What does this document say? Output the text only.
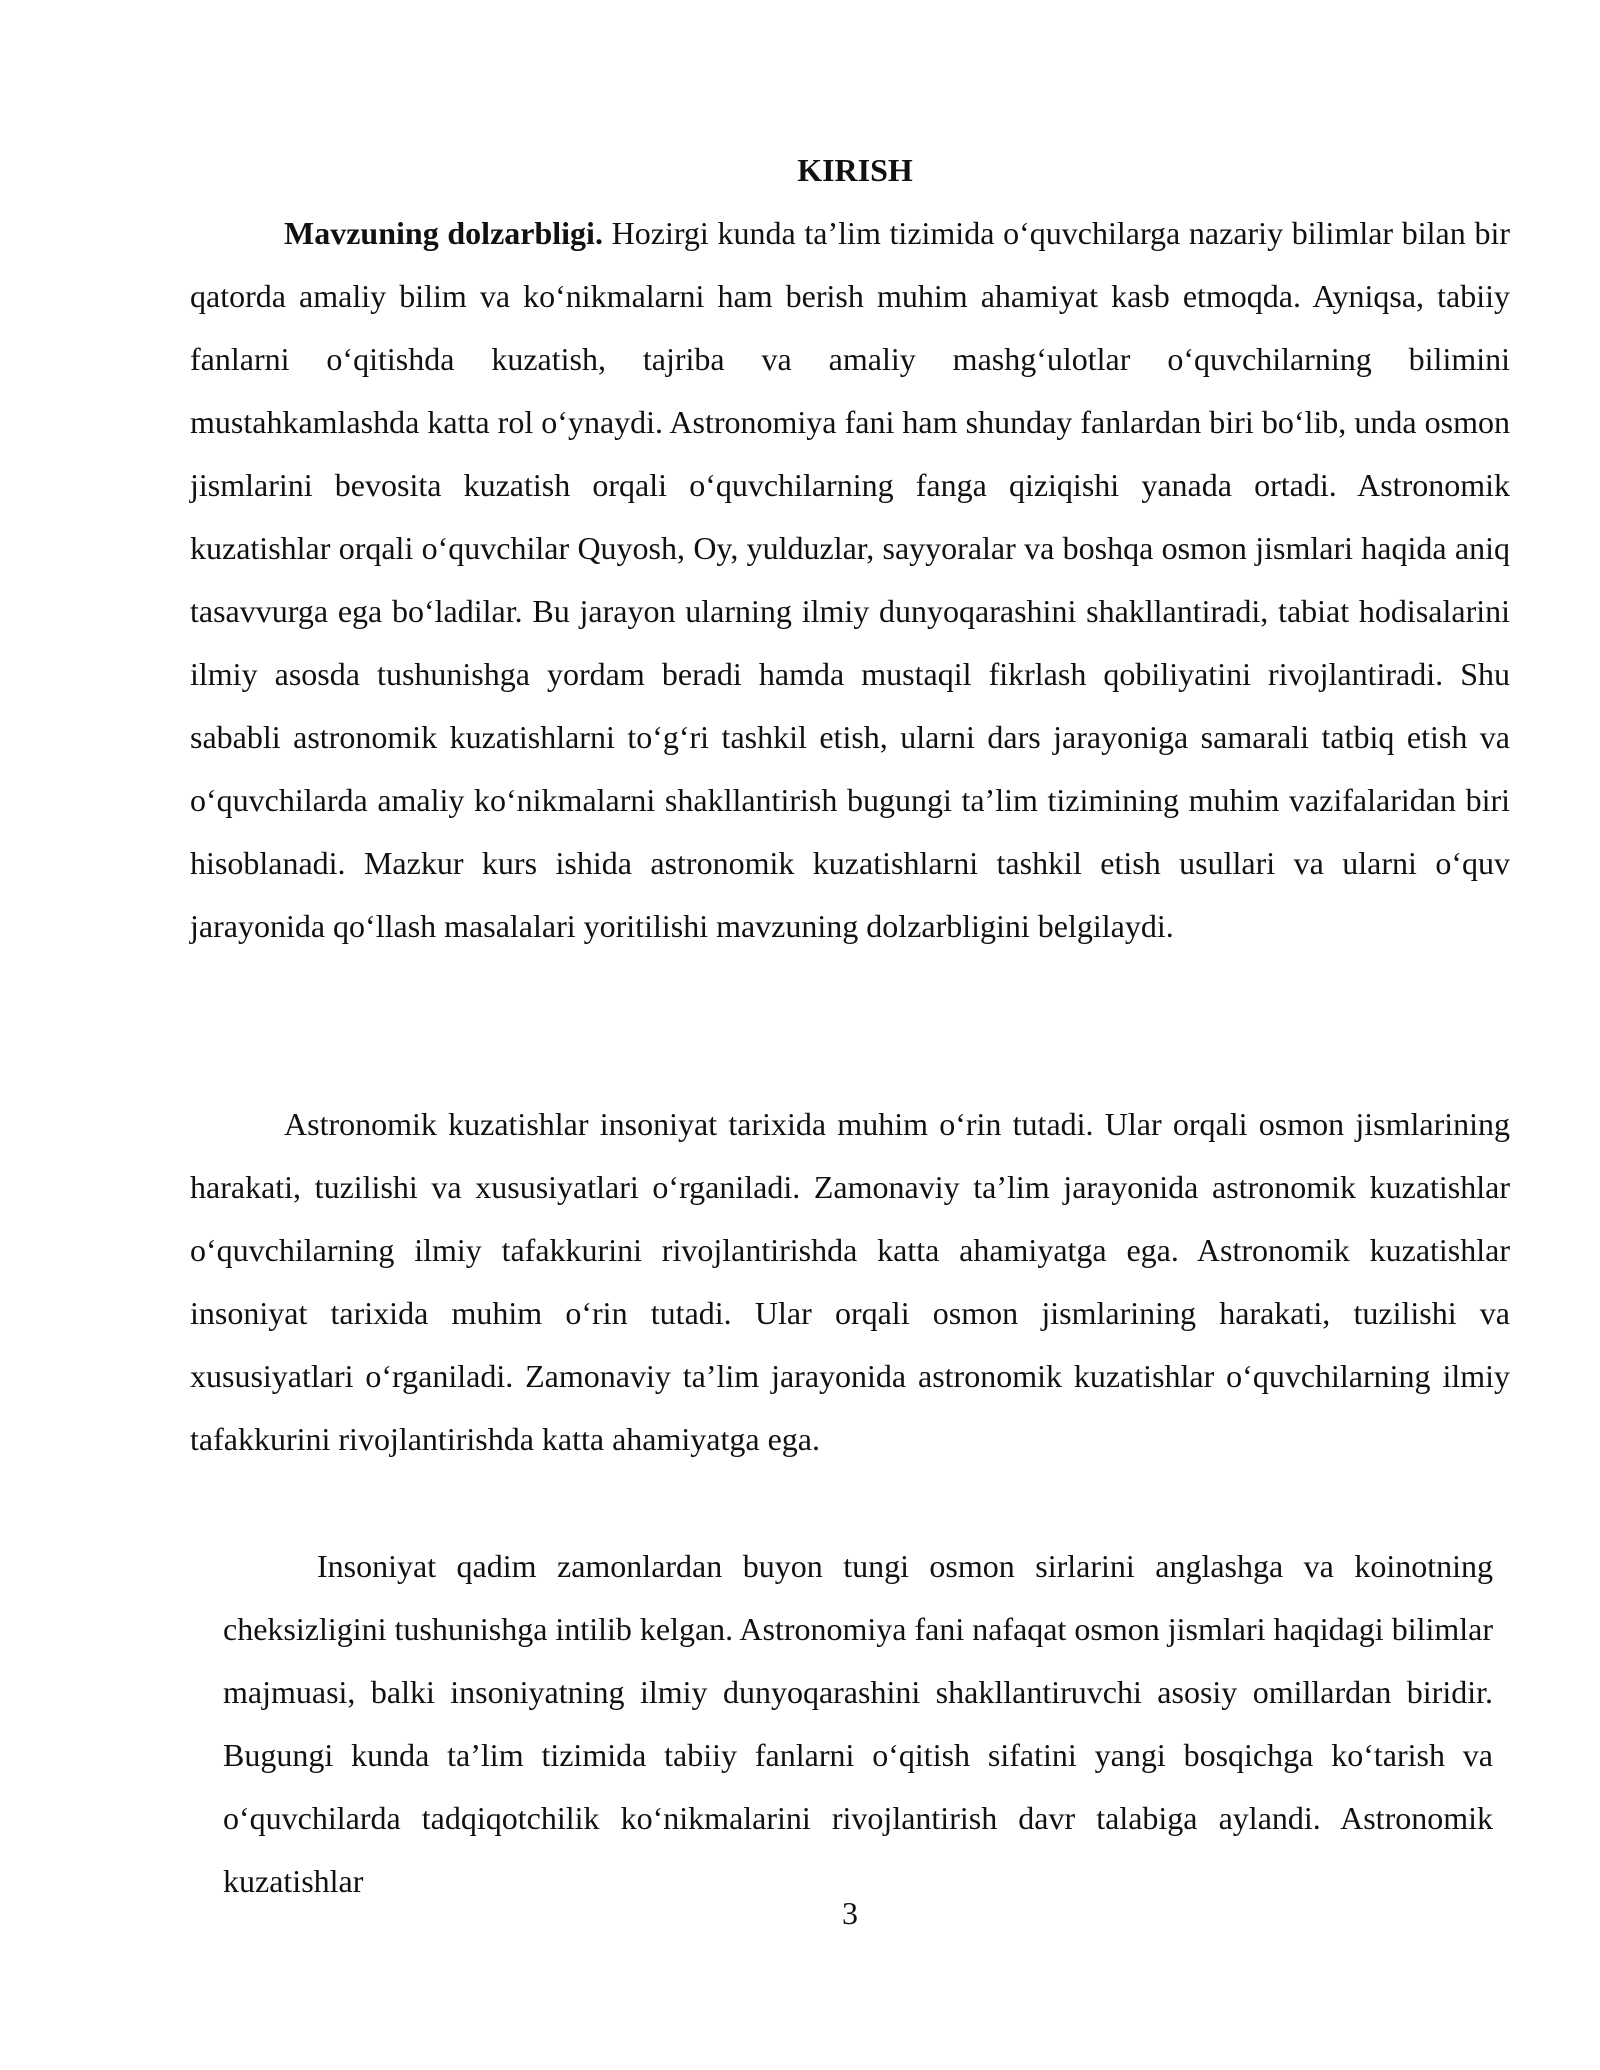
KIRISH

Mavzuning dolzarbligi. Hozirgi kunda ta’lim tizimida o‘quvchilarga nazariy bilimlar bilan bir qatorda amaliy bilim va ko‘nikmalarni ham berish muhim ahamiyat kasb etmoqda. Ayniqsa, tabiiy fanlarni o‘qitishda kuzatish, tajriba va amaliy mashg‘ulotlar o‘quvchilarning bilimini mustahkamlashda katta rol o‘ynaydi. Astronomiya fani ham shunday fanlardan biri bo‘lib, unda osmon jismlarini bevosita kuzatish orqali o‘quvchilarning fanga qiziqishi yanada ortadi. Astronomik kuzatishlar orqali o‘quvchilar Quyosh, Oy, yulduzlar, sayyoralar va boshqa osmon jismlari haqida aniq tasavvurga ega bo‘ladilar. Bu jarayon ularning ilmiy dunyoqarashini shakllantiradi, tabiat hodisalarini ilmiy asosda tushunishga yordam beradi hamda mustaqil fikrlash qobiliyatini rivojlantiradi. Shu sababli astronomik kuzatishlarni to‘g‘ri tashkil etish, ularni dars jarayoniga samarali tatbiq etish va o‘quvchilarda amaliy ko‘nikmalarni shakllantirish bugungi ta’lim tizimining muhim vazifalaridan biri hisoblanadi. Mazkur kurs ishida astronomik kuzatishlarni tashkil etish usullari va ularni o‘quv jarayonida qo‘llash masalalari yoritilishi mavzuning dolzarbligini belgilaydi.

Astronomik kuzatishlar insoniyat tarixida muhim o‘rin tutadi. Ular orqali osmon jismlarining harakati, tuzilishi va xususiyatlari o‘rganiladi. Zamonaviy ta’lim jarayonida astronomik kuzatishlar o‘quvchilarning ilmiy tafakkurini rivojlantirishda katta ahamiyatga ega. Astronomik kuzatishlar insoniyat tarixida muhim o‘rin tutadi. Ular orqali osmon jismlarining harakati, tuzilishi va xususiyatlari o‘rganiladi. Zamonaviy ta’lim jarayonida astronomik kuzatishlar o‘quvchilarning ilmiy tafakkurini rivojlantirishda katta ahamiyatga ega.

Insoniyat qadim zamonlardan buyon tungi osmon sirlarini anglashga va koinotning cheksizligini tushunishga intilib kelgan. Astronomiya fani nafaqat osmon jismlari haqidagi bilimlar majmuasi, balki insoniyatning ilmiy dunyoqarashini shakllantiruvchi asosiy omillardan biridir. Bugungi kunda ta’lim tizimida tabiiy fanlarni o‘qitish sifatini yangi bosqichga ko‘tarish va o‘quvchilarda tadqiqotchilik ko‘nikmalarini rivojlantirish davr talabiga aylandi. Astronomik kuzatishlar

3
